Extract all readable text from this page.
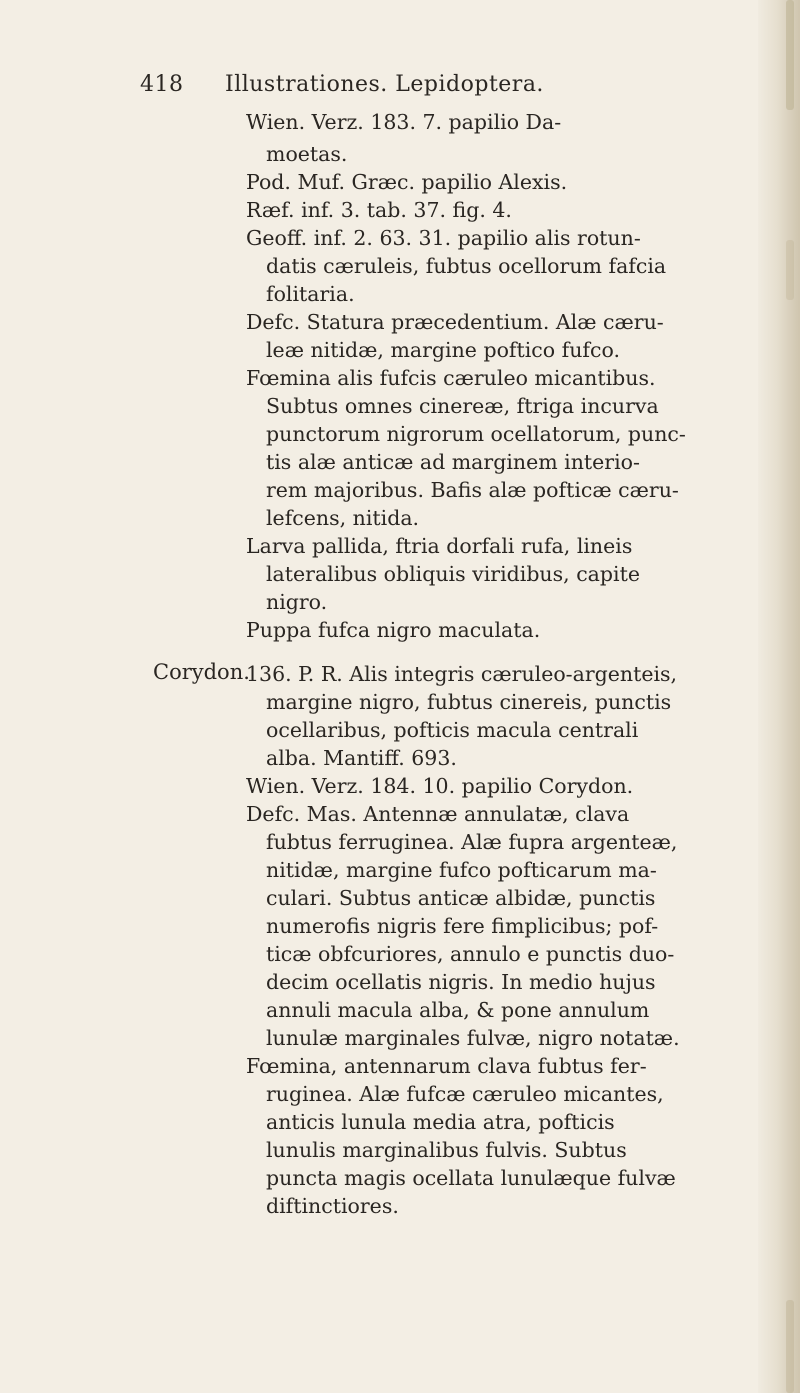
418 Illustrationes. Lepidoptera.
Wien. Verz. 183. 7. papilio Da-
moetas.
Pod. Muf. Græc. papilio Alexis.
Ræf. inf. 3. tab. 37. fig. 4.
Geoff. inf. 2. 63. 31. papilio alis rotun-
datis cæruleis, fubtus ocellorum fafcia
folitaria.
Defc. Statura præcedentium. Alæ cæru-
leæ nitidæ, margine poftico fufco.
Fœmina alis fufcis cæruleo micantibus.
Subtus omnes cinereæ, ftriga incurva
punctorum nigrorum ocellatorum, punc-
tis alæ anticæ ad marginem interio-
rem majoribus. Bafis alæ pofticæ cæru-
lefcens, nitida.
Larva pallida, ftria dorfali rufa, lineis
lateralibus obliquis viridibus, capite
nigro.
Puppa fufca nigro maculata.
Corydon.
136. P. R. Alis integris cæruleo-argenteis,
margine nigro, fubtus cinereis, punctis
ocellaribus, pofticis macula centrali
alba. Mantiff. 693.
Wien. Verz. 184. 10. papilio Corydon.
Defc. Mas. Antennæ annulatæ, clava
fubtus ferruginea. Alæ fupra argenteæ,
nitidæ, margine fufco pofticarum ma-
culari. Subtus anticæ albidæ, punctis
numerofis nigris fere fimplicibus; pof-
ticæ obfcuriores, annulo e punctis duo-
decim ocellatis nigris. In medio hujus
annuli macula alba, & pone annulum
lunulæ marginales fulvæ, nigro notatæ.
Fœmina, antennarum clava fubtus fer-
ruginea. Alæ fufcæ cæruleo micantes,
anticis lunula media atra, pofticis
lunulis marginalibus fulvis. Subtus
puncta magis ocellata lunulæque fulvæ
diftinctiores.
